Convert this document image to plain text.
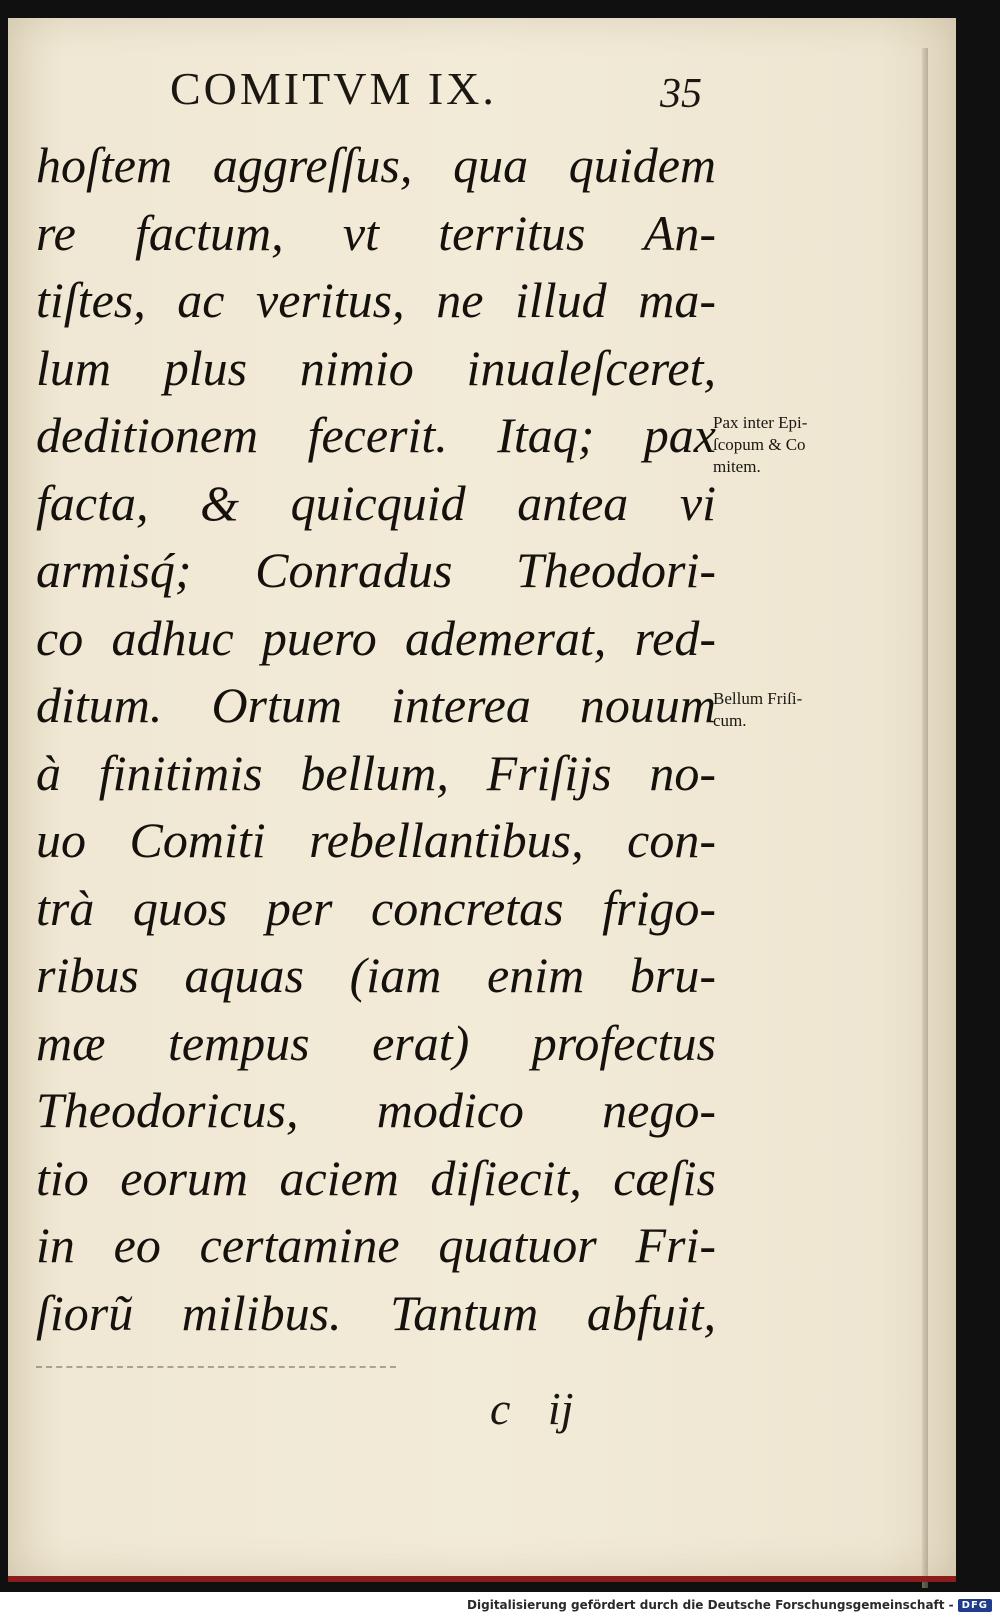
COMITVM IX.	35
hoſtem aggreſſus, qua quidem
re factum, vt territus An-
tiſtes, ac veritus, ne illud ma-
lum plus nimio inualeſceret,
deditionem fecerit. Itaq; pax
facta, & quicquid antea vi
armisq́; Conradus Theodori-
co adhuc puero ademerat, red-
ditum. Ortum interea nouum
à finitimis bellum, Friſijs no-
uo Comiti rebellantibus, con-
trà quos per concretas frigo-
ribus aquas (iam enim bru-
mæ tempus erat) profectus
Theodoricus, modico nego-
tio eorum aciem diſiecit, cæſis
in eo certamine quatuor Fri-
ſiorũ milibus. Tantum abfuit,
Pax inter Epi-
ſcopum & Co
mitem.
Bellum Friſi-
cum.
c ij
Digitalisierung gefördert durch die Deutsche Forschungsgemeinschaft - DFG
